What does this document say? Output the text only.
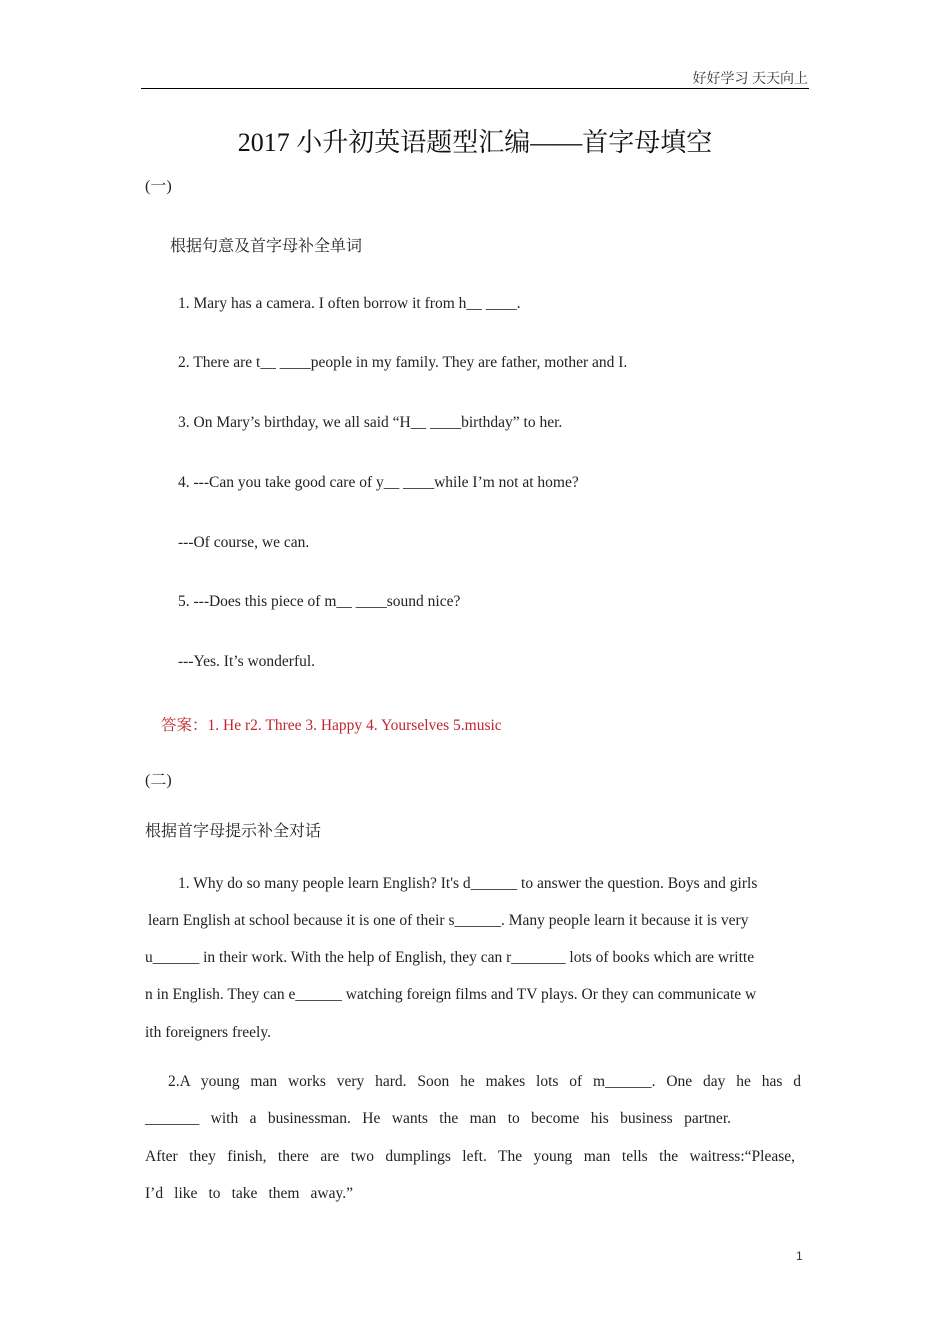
好好学习 天天向上
2017 小升初英语题型汇编——首字母填空
(一)
根据句意及首字母补全单词
1. Mary has a camera. I often borrow it from h__ ____.
2. There are t__ ____people in my family. They are father, mother and I.
3. On Mary’s birthday, we all said “H__ ____birthday” to her.
4. ---Can you take good care of y__ ____while I’m not at home?
---Of course, we can.
5. ---Does this piece of m__ ____sound nice?
---Yes. It’s wonderful.
答案：1. He r2. Three 3. Happy 4. Yourselves 5.music
(二)
根据首字母提示补全对话
1. Why do so many people learn English? It's d______ to answer the question. Boys and girls
learn English at school because it is one of their s______. Many people learn it because it is very
u______ in their work. With the help of English, they can r_______ lots of books which are writte
n in English. They can e______ watching foreign films and TV plays. Or they can communicate w
ith foreigners freely.
2.A young man works very hard. Soon he makes lots of m______. One day he has d
_______ with a businessman. He wants the man to become his business partner.
After they finish, there are two dumplings left. The young man tells the waitress:“Please,
I’d like to take them away.”
1
